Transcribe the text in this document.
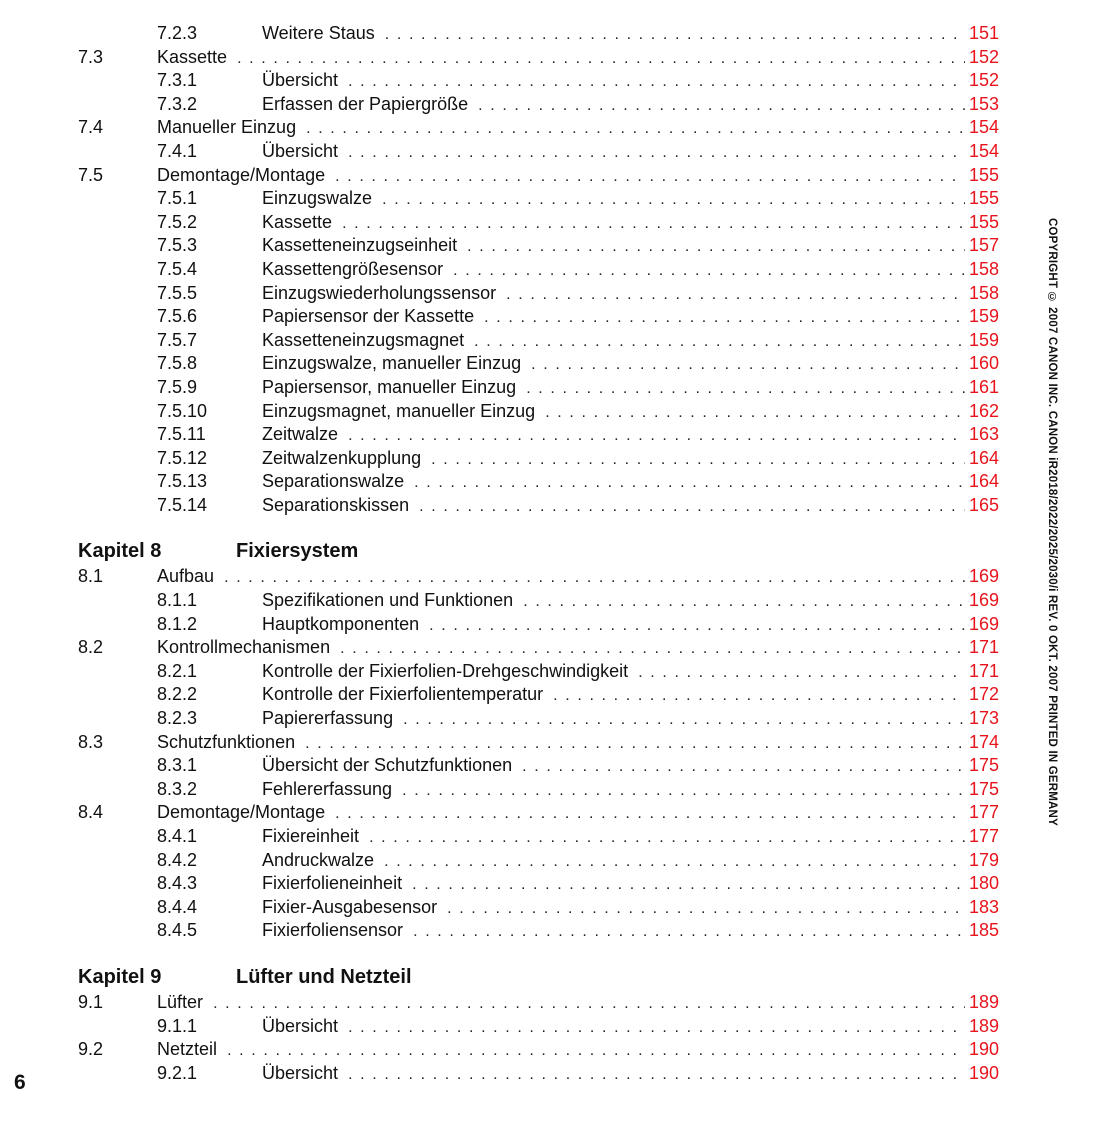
7.2.3	Weitere Staus . . .	151
7.3	Kassette . . .	152
7.3.1	Übersicht . . .	152
7.3.2	Erfassen der Papiergröße . . .	153
7.4	Manueller Einzug . . .	154
7.4.1	Übersicht . . .	154
7.5	Demontage/Montage . . .	155
7.5.1	Einzugswalze . . .	155
7.5.2	Kassette . . .	155
7.5.3	Kassetteneinzugseinheit . . .	157
7.5.4	Kassettengrößesensor . . .	158
7.5.5	Einzugswiederholungssensor . . .	158
7.5.6	Papiersensor der Kassette . . .	159
7.5.7	Kassetteneinzugsmagnet . . .	159
7.5.8	Einzugswalze, manueller Einzug . . .	160
7.5.9	Papiersensor, manueller Einzug . . .	161
7.5.10	Einzugsmagnet, manueller Einzug . . .	162
7.5.11	Zeitwalze . . .	163
7.5.12	Zeitwalzenkupplung . . .	164
7.5.13	Separationswalze . . .	164
7.5.14	Separationskissen . . .	165
Kapitel 8	Fixiersystem
8.1	Aufbau . . .	169
8.1.1	Spezifikationen und Funktionen . . .	169
8.1.2	Hauptkomponenten . . .	169
8.2	Kontrollmechanismen . . .	171
8.2.1	Kontrolle der Fixierfolien-Drehgeschwindigkeit . . .	171
8.2.2	Kontrolle der Fixierfolientemperatur . . .	172
8.2.3	Papiererfassung . . .	173
8.3	Schutzfunktionen . . .	174
8.3.1	Übersicht der Schutzfunktionen . . .	175
8.3.2	Fehlererfassung . . .	175
8.4	Demontage/Montage . . .	177
8.4.1	Fixiereinheit . . .	177
8.4.2	Andruckwalze . . .	179
8.4.3	Fixierfolieneinheit . . .	180
8.4.4	Fixier-Ausgabesensor . . .	183
8.4.5	Fixierfoliensensor . . .	185
Kapitel 9	Lüfter und Netzteil
9.1	Lüfter . . .	189
9.1.1	Übersicht . . .	189
9.2	Netzteil . . .	190
9.2.1	Übersicht . . .	190
COPYRIGHT © 2007 CANON INC. CANON iR2018/2022/2025/2030/i REV. 0 OKT. 2007 PRINTED IN GERMANY
6
